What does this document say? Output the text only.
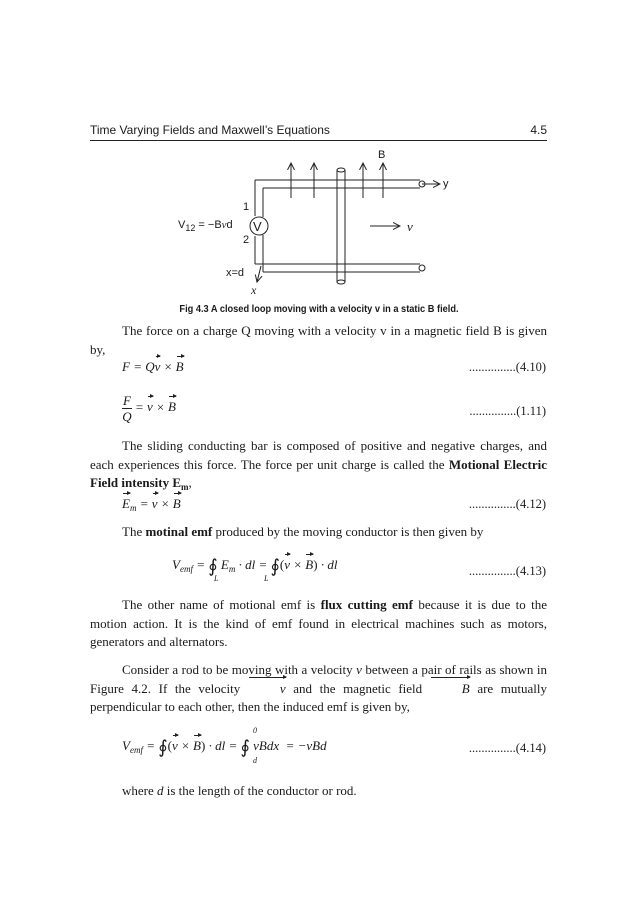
Time Varying Fields and Maxwell’s Equations	4.5
B
y
1
2
$V_{12} = -Bvd$ V	v
x=d
x
Fig 4.3 A closed loop moving with a velocity v in a static B field.
The force on a charge Q moving with a velocity v in a magnetic field B is given by,
F = Qv × B	...............(4.10)
$\frac{F}{Q} = v \times B$	...............(1.11)
The sliding conducting bar is composed of positive and negative charges, and each experiences this force. The force per unit charge is called the Motional Electric Field intensity $E_m$,
$E_m = v \times B$	...............(4.12)
The motinal emf produced by the moving conductor is then given by
$V_{emf}$ = ∮ $E_m$ · dl = ∮(v × B) · dl
L	L
...............(4.13)
The other name of motional emf is flux cutting emf because it is due to the motion action. It is the kind of emf found in electrical machines such as motors, generators and alternators.
Consider a rod to be moving with a velocity v between a pair of rails as shown in Figure 4.2. If the velocity v and the magnetic field B are mutually perpendicular to each other, then the induced emf is given by,
$V_{emf}$ = ∮(v × B) · dl = ∮ vBdx  = −vBd
0
d
...............(4.14)
where d is the length of the conductor or rod.
